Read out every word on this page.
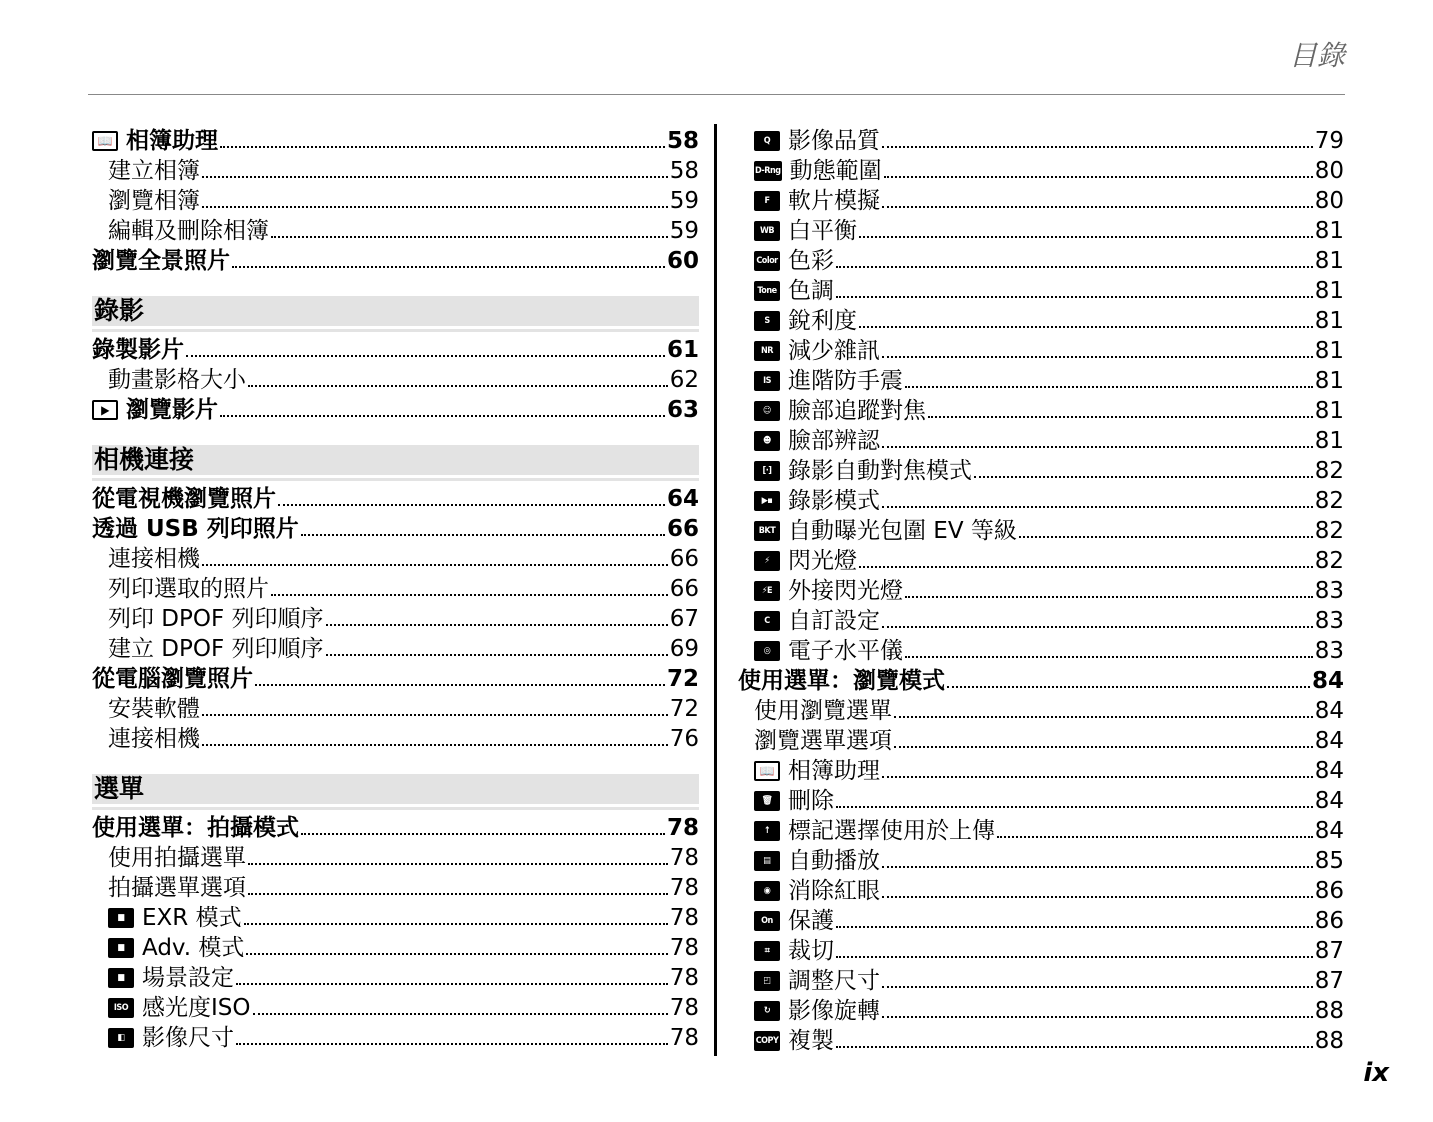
目錄
📖 相簿助理	58
建立相簿	58
瀏覽相簿	59
編輯及刪除相簿	59
瀏覽全景照片	60
錄影
錄製影片	61
動畫影格大小	62
▶ 瀏覽影片	63
相機連接
從電視機瀏覽照片	64
透過 USB 列印照片	66
連接相機	66
列印選取的照片	66
列印 DPOF 列印順序	67
建立 DPOF 列印順序	69
從電腦瀏覽照片	72
安裝軟體	72
連接相機	76
選單
使用選單：拍攝模式	78
使用拍攝選單	78
拍攝選單選項	78
■ EXR 模式	78
■ Adv. 模式	78
■ 場景設定	78
ISO 感光度ISO	78
◧ 影像尺寸	78
Q 影像品質	79
D-Rng 動態範圍	80
F 軟片模擬	80
WB 白平衡	81
Color 色彩	81
Tone 色調	81
S 銳利度	81
NR 減少雜訊	81
IS 進階防手震	81
☺ 臉部追蹤對焦	81
☻ 臉部辨認	81
[·] 錄影自動對焦模式	82
▶▪ 錄影模式	82
BKT 自動曝光包圍 EV 等級	82
⚡ 閃光燈	82
⚡E 外接閃光燈	83
C 自訂設定	83
◎ 電子水平儀	83
使用選單：瀏覽模式	84
使用瀏覽選單	84
瀏覽選單選項	84
📖 相簿助理	84
🗑 刪除	84
↑ 標記選擇使用於上傳	84
▤ 自動播放	85
◉ 消除紅眼	86
On 保護	86
⌗ 裁切	87
◰ 調整尺寸	87
↻ 影像旋轉	88
COPY 複製	88
ix
